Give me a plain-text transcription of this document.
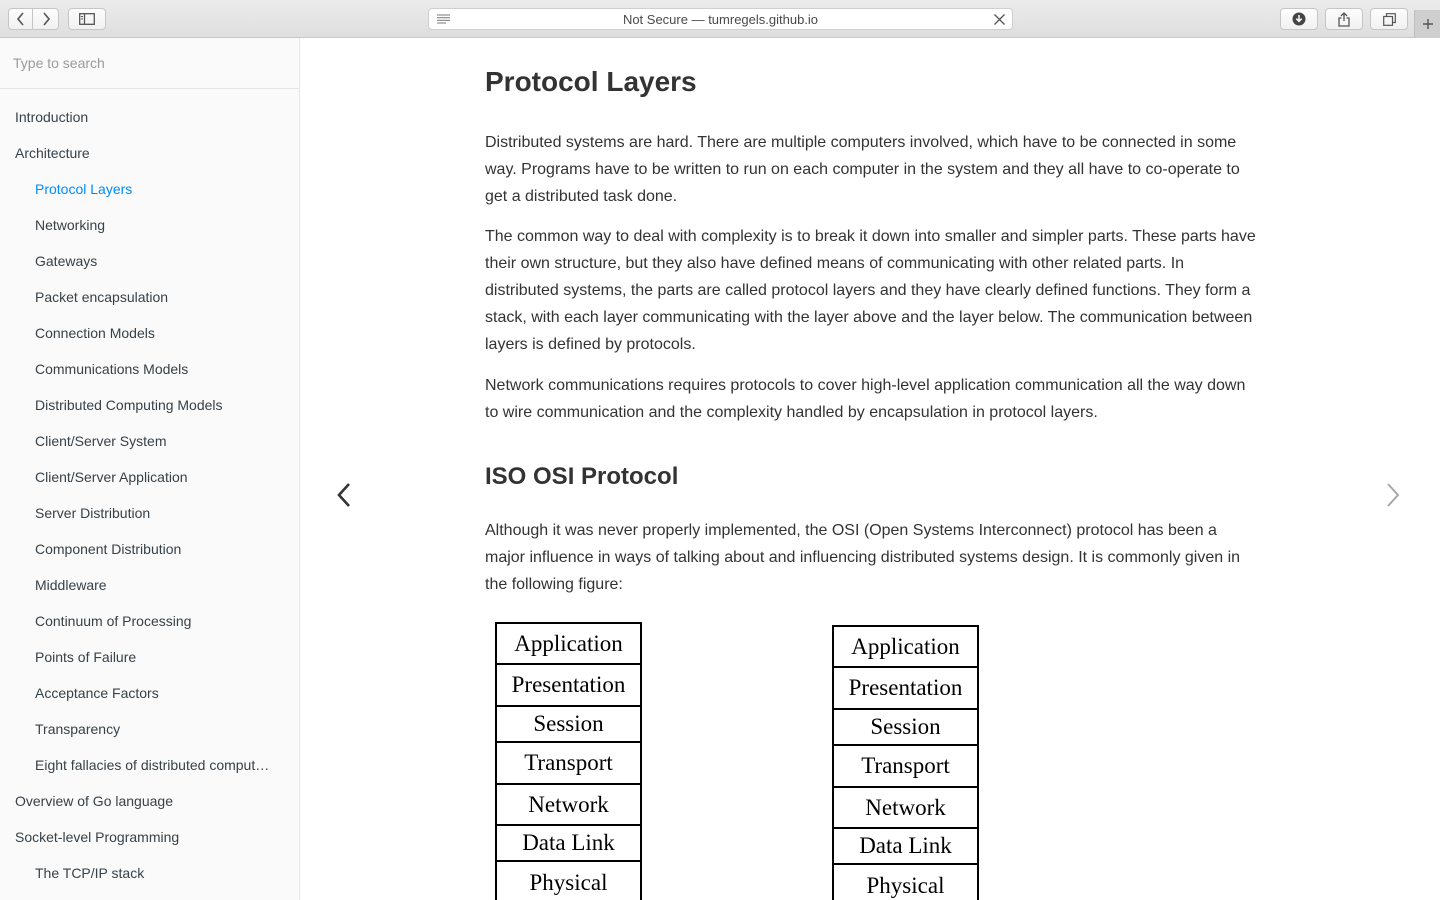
Not Secure — tumregels.github.io
Type to search
Introduction
Architecture
Protocol Layers
Networking
Gateways
Packet encapsulation
Connection Models
Communications Models
Distributed Computing Models
Client/Server System
Client/Server Application
Server Distribution
Component Distribution
Middleware
Continuum of Processing
Points of Failure
Acceptance Factors
Transparency
Eight fallacies of distributed comput…
Overview of Go language
Socket-level Programming
The TCP/IP stack
Protocol Layers

Distributed systems are hard. There are multiple computers involved, which have to be connected in some way. Programs have to be written to run on each computer in the system and they all have to co-operate to get a distributed task done.

The common way to deal with complexity is to break it down into smaller and simpler parts. These parts have their own structure, but they also have defined means of communicating with other related parts. In distributed systems, the parts are called protocol layers and they have clearly defined functions. They form a stack, with each layer communicating with the layer above and the layer below. The communication between layers is defined by protocols.

Network communications requires protocols to cover high-level application communication all the way down to wire communication and the complexity handled by encapsulation in protocol layers.

ISO OSI Protocol

Although it was never properly implemented, the OSI (Open Systems Interconnect) protocol has been a major influence in ways of talking about and influencing distributed systems design. It is commonly given in the following figure:

Application
Presentation
Session
Transport
Network
Data Link
Physical
Application
Presentation
Session
Transport
Network
Data Link
Physical
